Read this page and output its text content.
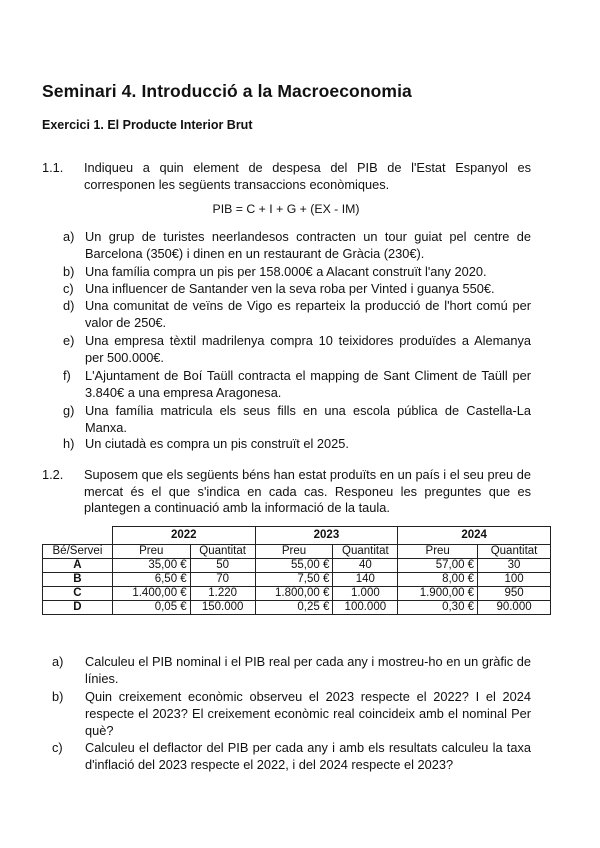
Seminari 4. Introducció a la Macroeconomia
Exercici 1. El Producte Interior Brut
1.1. Indiqueu a quin element de despesa del PIB de l'Estat Espanyol es corresponen les següents transaccions econòmiques.

PIB = C + I + G + (EX - IM)
a) Un grup de turistes neerlandesos contracten un tour guiat pel centre de Barcelona (350€) i dinen en un restaurant de Gràcia (230€).

b) Una família compra un pis per 158.000€ a Alacant construït l'any 2020.

c) Una influencer de Santander ven la seva roba per Vinted i guanya 550€.

d) Una comunitat de veïns de Vigo es reparteix la producció de l'hort comú per valor de 250€.

e) Una empresa tèxtil madrilenya compra 10 teixidores produïdes a Alemanya per 500.000€.

f) L'Ajuntament de Boí Taüll contracta el mapping de Sant Climent de Taüll per 3.840€ a una empresa Aragonesa.

g) Una família matricula els seus fills en una escola pública de Castella-La Manxa.

h) Un ciutadà es compra un pis construït el 2025.

1.2. Suposem que els següents béns han estat produïts en un país i el seu preu de mercat és el que s'indica en cada cas. Responeu les preguntes que es plantegen a continuació amb la informació de la taula.

	2022		2023		2024	
Bé/Servei	Preu	Quantitat	Preu	Quantitat	Preu	Quantitat
A	35,00 €	50	55,00 €	40	57,00 €	30
B	6,50 €	70	7,50 €	140	8,00 €	100
C	1.400,00 €	1.220	1.800,00 €	1.000	1.900,00 €	950
D	0,05 €	150.000	0,25 €	100.000	0,30 €	90.000
a) Calculeu el PIB nominal i el PIB real per cada any i mostreu-ho en un gràfic de línies.

b) Quin creixement econòmic observeu el 2023 respecte el 2022? I el 2024 respecte el 2023? El creixement econòmic real coincideix amb el nominal Per què?

c) Calculeu el deflactor del PIB per cada any i amb els resultats calculeu la taxa d'inflació del 2023 respecte el 2022, i del 2024 respecte el 2023?
